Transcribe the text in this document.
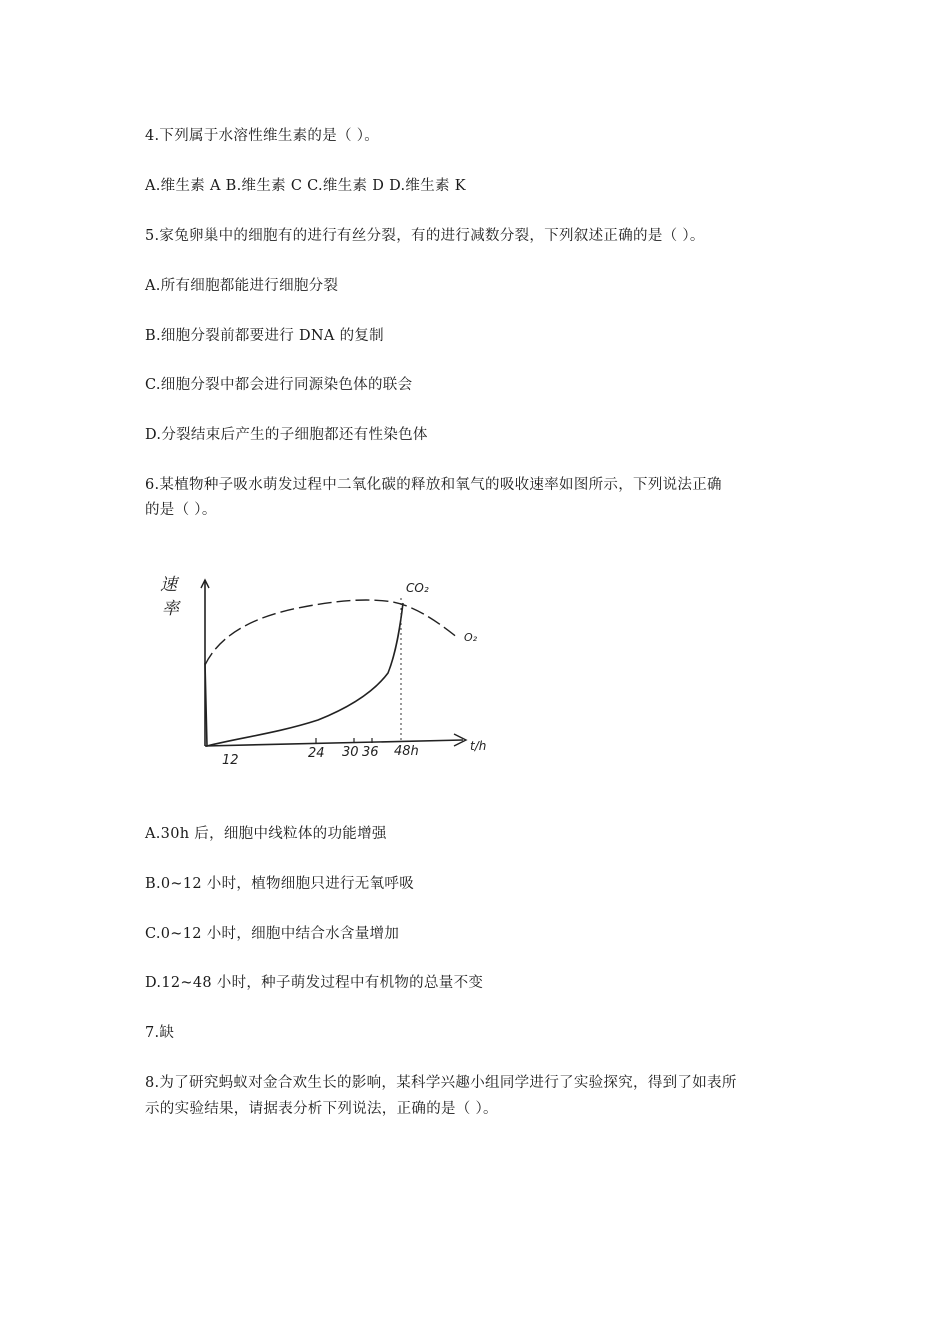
4.下列属于水溶性维生素的是（ ）。
A.维生素 A B.维生素 C C.维生素 D D.维生素 K
5.家兔卵巢中的细胞有的进行有丝分裂，有的进行减数分裂，下列叙述正确的是（ ）。
A.所有细胞都能进行细胞分裂
B.细胞分裂前都要进行 DNA 的复制
C.细胞分裂中都会进行同源染色体的联会
D.分裂结束后产生的子细胞都还有性染色体
6.某植物种子吸水萌发过程中二氧化碳的释放和氧气的吸收速率如图所示，下列说法正确
的是（ ）。
速
率
12	24 30 36 48h	t/h
CO₂
O₂
A.30h 后，细胞中线粒体的功能增强
B.0~12 小时，植物细胞只进行无氧呼吸
C.0~12 小时，细胞中结合水含量增加
D.12~48 小时，种子萌发过程中有机物的总量不变
7.缺
8.为了研究蚂蚁对金合欢生长的影响，某科学兴趣小组同学进行了实验探究，得到了如表所
示的实验结果，请据表分析下列说法，正确的是（ ）。
